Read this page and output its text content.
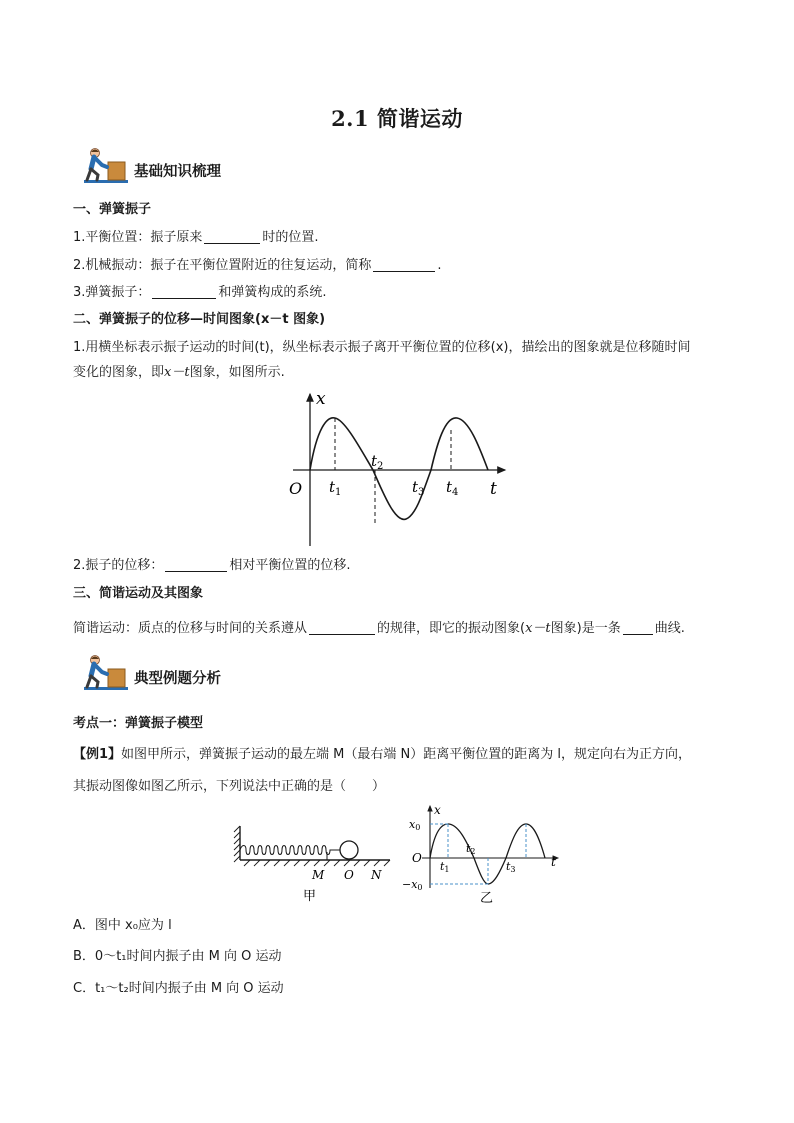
2.1 简谐运动
基础知识梳理
一、弹簧振子
1.平衡位置：振子原来	时的位置.
2.机械振动：振子在平衡位置附近的往复运动，简称	.
3.弹簧振子：	和弹簧构成的系统.
二、弹簧振子的位移—时间图象(x－t 图象)
1.用横坐标表示振子运动的时间(t)，纵坐标表示振子离开平衡位置的位移(x)，描绘出的图象就是位移随时间
变化的图象，即x－t图象，如图所示.
x
O	t
$t_1$
$t_2$
$t_3$ $t_4$
2.振子的位移：	相对平衡位置的位移.
三、简谐运动及其图象
简谐运动：质点的位移与时间的关系遵从	的规律，即它的振动图象(x－t图象)是一条	曲线.
典型例题分析
考点一：弹簧振子模型
【例1】如图甲所示，弹簧振子运动的最左端 M（最右端 N）距离平衡位置的距离为 l，规定向右为正方向，
其振动图像如图乙所示，下列说法中正确的是（　　）
M O N
甲
x
x0
−x0
O	t
t1
t2
t3
乙
A．图中 x₀应为 l
B．0～t₁时间内振子由 M 向 O 运动
C．t₁～t₂时间内振子由 M 向 O 运动
